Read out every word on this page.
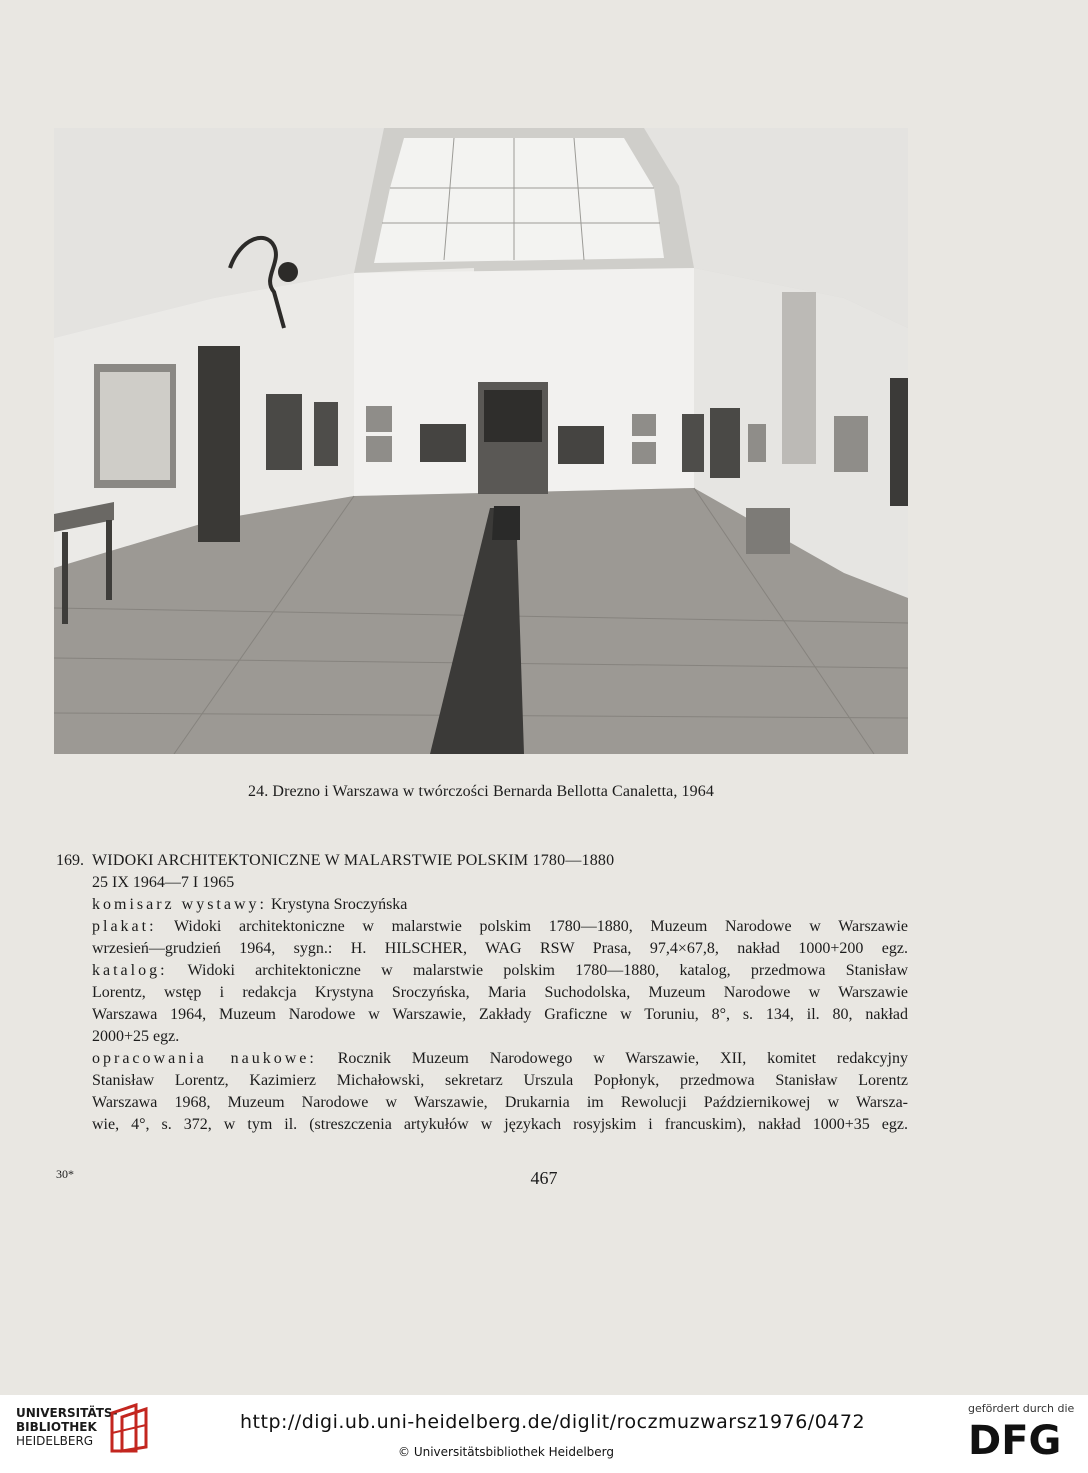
24. Drezno i Warszawa w twórczości Bernarda Bellotta Canaletta, 1964
169. WIDOKI ARCHITEKTONICZNE W MALARSTWIE POLSKIM 1780—1880
25 IX 1964—7 I 1965
komisarz wystawy: Krystyna Sroczyńska
plakat: Widoki architektoniczne w malarstwie polskim 1780—1880, Muzeum Narodowe w Warszawie
wrzesień—grudzień 1964, sygn.: H. HILSCHER, WAG RSW Prasa, 97,4×67,8, nakład 1000+200 egz.
katalog: Widoki architektoniczne w malarstwie polskim 1780—1880, katalog, przedmowa Stanisław
Lorentz, wstęp i redakcja Krystyna Sroczyńska, Maria Suchodolska, Muzeum Narodowe w Warszawie
Warszawa 1964, Muzeum Narodowe w Warszawie, Zakłady Graficzne w Toruniu, 8°, s. 134, il. 80, nakład
2000+25 egz.
opracowania naukowe: Rocznik Muzeum Narodowego w Warszawie, XII, komitet redakcyjny
Stanisław Lorentz, Kazimierz Michałowski, sekretarz Urszula Popłonyk, przedmowa Stanisław Lorentz
Warszawa 1968, Muzeum Narodowe w Warszawie, Drukarnia im Rewolucji Październikowej w Warsza-
wie, 4°, s. 372, w tym il. (streszczenia artykułów w językach rosyjskim i francuskim), nakład 1000+35 egz.
30*	467
UNIVERSITÄTS-
BIBLIOTHEK
HEIDELBERG
http://digi.ub.uni-heidelberg.de/diglit/roczmuzwarsz1976/0472
© Universitätsbibliothek Heidelberg
gefördert durch die
DFG
